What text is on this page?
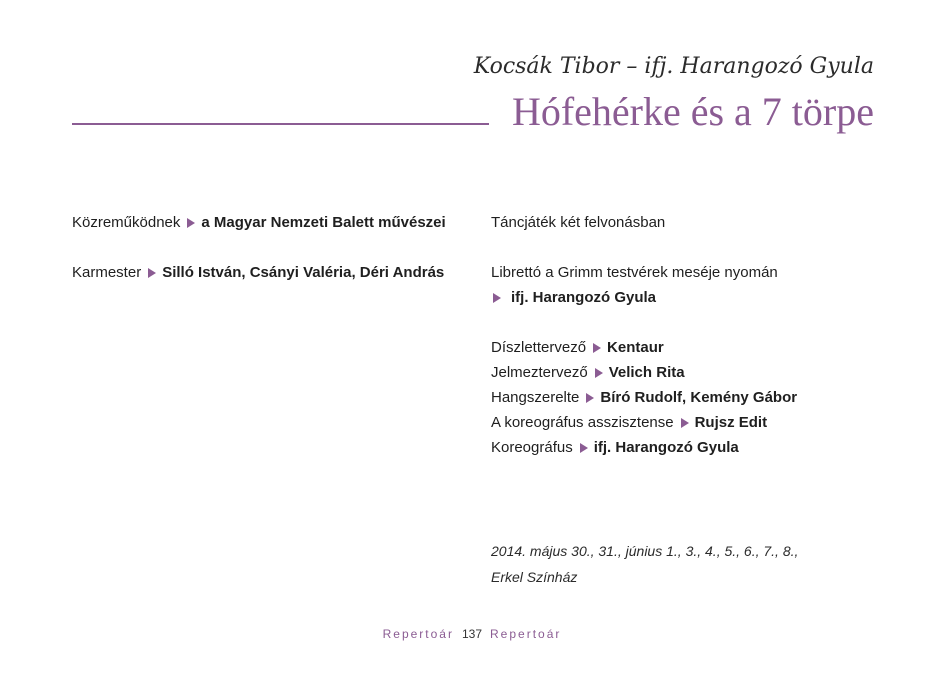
Kocsák Tibor – ifj. Harangozó Gyula
Hófehérke és a 7 törpe
Közreműködnek a Magyar Nemzeti Balett művészei
Karmester Silló István, Csányi Valéria, Déri András
Táncjáték két felvonásban
Librettó a Grimm testvérek meséje nyomán
ifj. Harangozó Gyula
Díszlettervező Kentaur
Jelmeztervező Velich Rita
Hangszerelte Bíró Rudolf, Kemény Gábor
A koreográfus asszisztense Rujsz Edit
Koreográfus ifj. Harangozó Gyula
2014. május 30., 31., június 1., 3., 4., 5., 6., 7., 8.,
Erkel Színház
Repertoár 137 Repertoár
